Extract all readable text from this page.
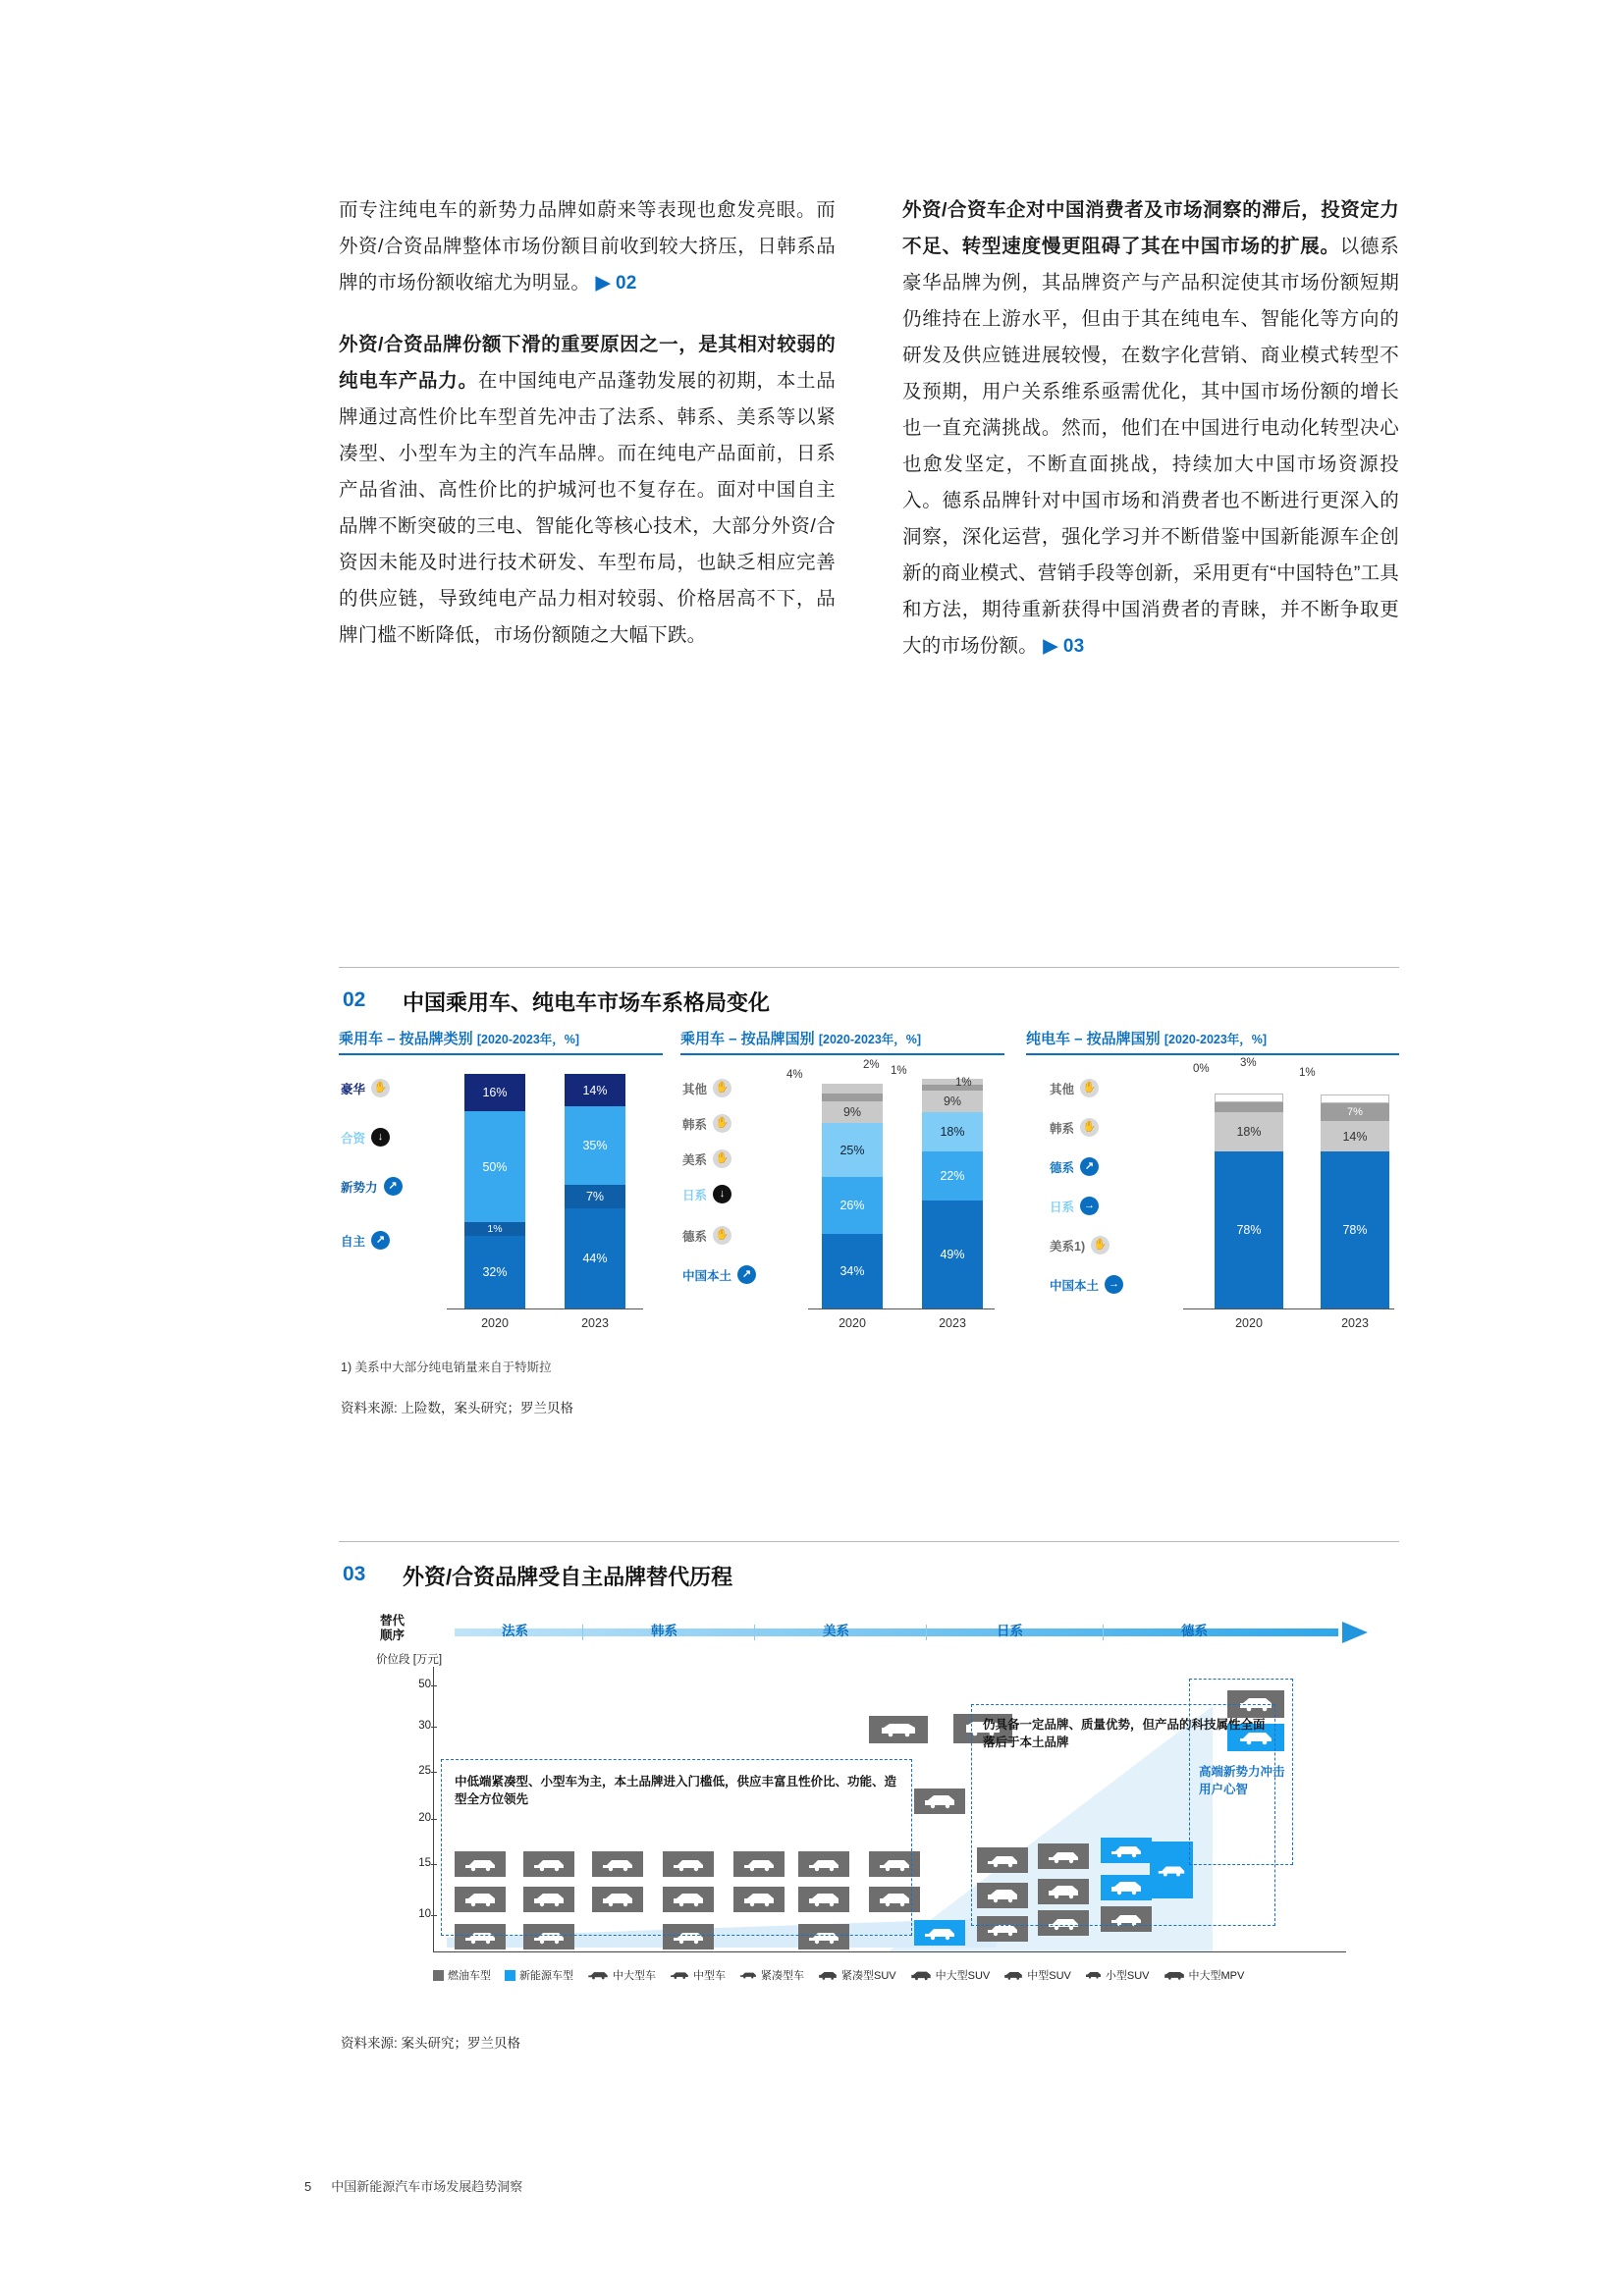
而专注纯电车的新势力品牌如蔚来等表现也愈发亮眼。而外资/合资品牌整体市场份额目前收到较大挤压，日韩系品牌的市场份额收缩尤为明显。 ▶ 02

外资/合资品牌份额下滑的重要原因之一，是其相对较弱的纯电车产品力。在中国纯电产品蓬勃发展的初期，本土品牌通过高性价比车型首先冲击了法系、韩系、美系等以紧凑型、小型车为主的汽车品牌。而在纯电产品面前，日系产品省油、高性价比的护城河也不复存在。面对中国自主品牌不断突破的三电、智能化等核心技术，大部分外资/合资因未能及时进行技术研发、车型布局，也缺乏相应完善的供应链，导致纯电产品力相对较弱、价格居高不下，品牌门槛不断降低，市场份额随之大幅下跌。

外资/合资车企对中国消费者及市场洞察的滞后，投资定力不足、转型速度慢更阻碍了其在中国市场的扩展。以德系豪华品牌为例，其品牌资产与产品积淀使其市场份额短期仍维持在上游水平，但由于其在纯电车、智能化等方向的研发及供应链进展较慢，在数字化营销、商业模式转型不及预期，用户关系维系亟需优化，其中国市场份额的增长也一直充满挑战。然而，他们在中国进行电动化转型决心也愈发坚定，不断直面挑战，持续加大中国市场资源投入。德系品牌针对中国市场和消费者也不断进行更深入的洞察，深化运营，强化学习并不断借鉴中国新能源车企创新的商业模式、营销手段等创新，采用更有“中国特色”工具和方法，期待重新获得中国消费者的青睐，并不断争取更大的市场份额。 ▶ 03

02 中国乘用车、纯电车市场车系格局变化
乘用车 – 按品牌类别 [2020-2023年，%]
豪华 ✋
合资	↓
新势力 ↗
自主 ↗
16%
50%
1%
32%
2020
14%
35%
7%
44%
2023
乘用车 – 按品牌国别 [2020-2023年，%]
其他 ✋
韩系 ✋
美系 ✋
日系	↓
德系 ✋
中国本土 ↗
9%
25%
26%
34%
2020
4%
2%
9%
18%
22%
49%
2023
1%
1%
纯电车 – 按品牌国别 [2020-2023年，%]
其他 ✋
韩系 ✋
德系 ↗
日系 →
美系1) ✋
中国本土 →
18%
78%
2020
0%	3%
7%
14%
78%
2023
1%
1) 美系中大部分纯电销量来自于特斯拉
资料来源: 上险数，案头研究；罗兰贝格
03 外资/合资品牌受自主品牌替代历程
替代
顺序	法系	韩系	美系	日系	德系
价位段 [万元]
50
30
25
20
15
10
中低端紧凑型、小型车为主，本土品牌进入门槛低，供应丰富且性价比、功能、造型全方位领先
仍具备一定品牌、质量优势，但产品的科技属性全面落后于本土品牌
高端新势力冲击用户心智
燃油车型	新能源车型	中大型车	中型车	紧凑型车	紧凑型SUV	中大型SUV	中型SUV	小型SUV	中大型MPV
资料来源: 案头研究；罗兰贝格
5 中国新能源汽车市场发展趋势洞察
